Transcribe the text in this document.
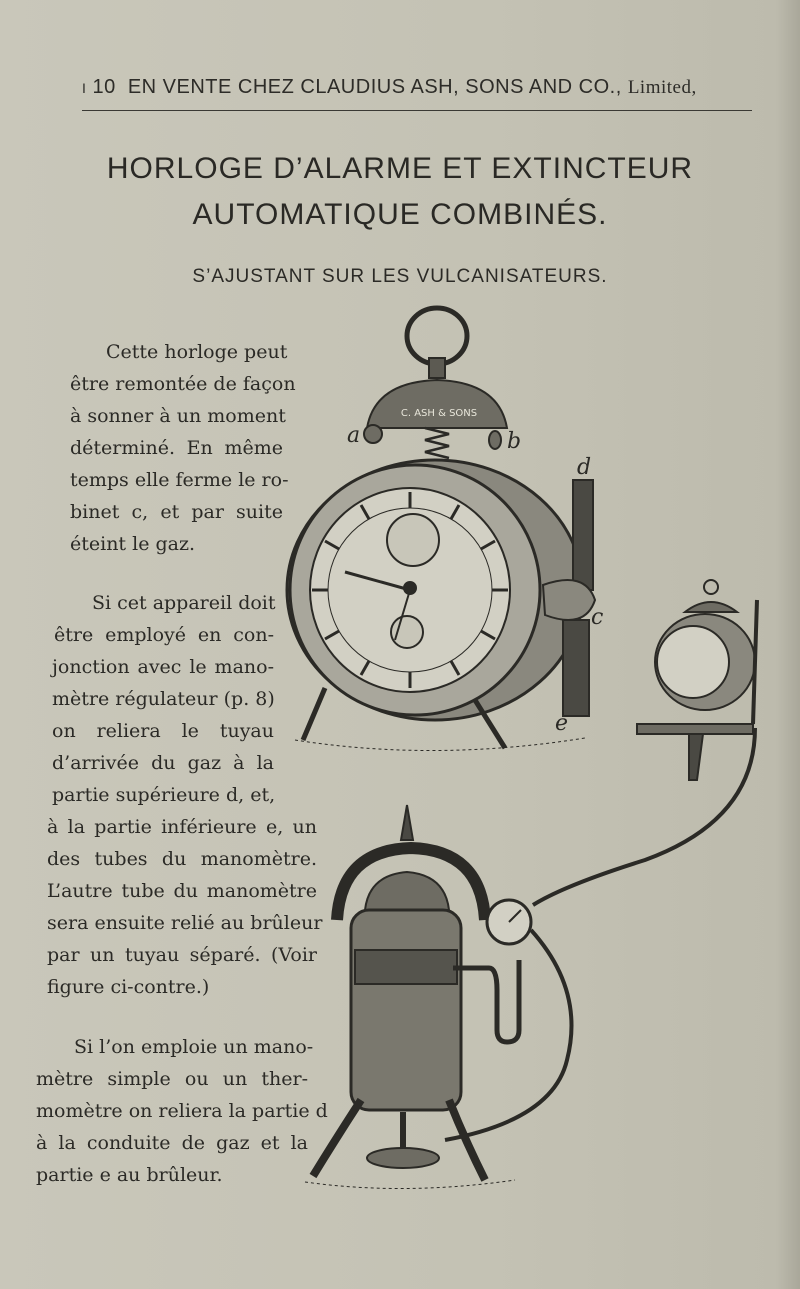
I 10 EN VENTE CHEZ CLAUDIUS ASH, SONS AND CO., Limited,
HORLOGE D’ALARME ET EXTINCTEUR
AUTOMATIQUE COMBINÉS.
S’AJUSTANT SUR LES VULCANISATEURS.
Cette horloge peut
être remontée de façon
à sonner à un moment
déterminé. En même
temps elle ferme le ro-
binet c, et par suite
éteint le gaz.
Si cet appareil doit
être employé en con-
jonction avec le mano-
mètre régulateur (p. 8)
on reliera le tuyau
d’arrivée du gaz à la
partie supérieure d, et,
à la partie inférieure e, un
des tubes du manomètre.
L’autre tube du manomètre
sera ensuite relié au brûleur
par un tuyau séparé. (Voir
figure ci-contre.)
Si l’on emploie un mano-
mètre simple ou un ther-
momètre on reliera la partie d
à la conduite de gaz et la
partie e au brûleur.
C. ASH & SONS
a	b
d
c
e
